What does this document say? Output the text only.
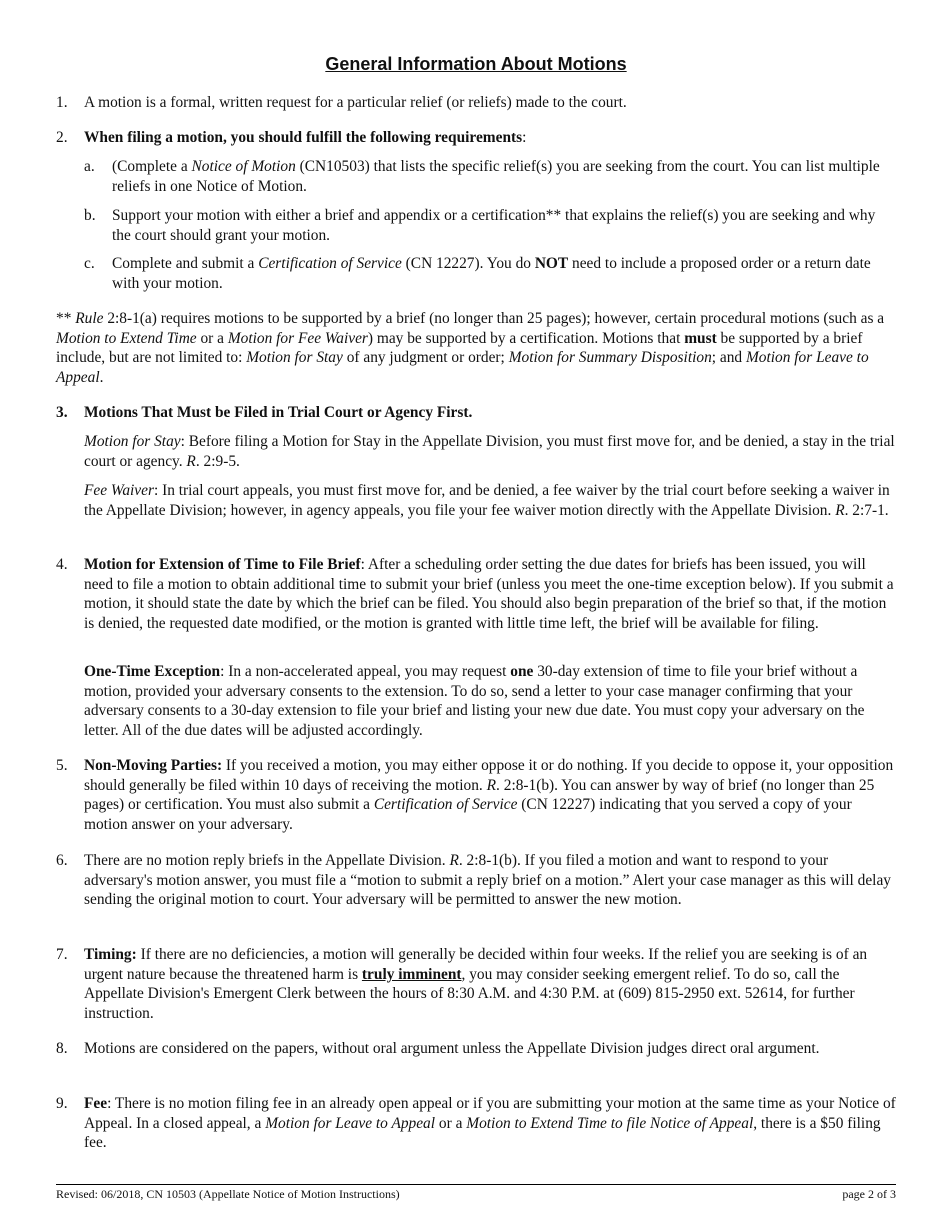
General Information About Motions
1. A motion is a formal, written request for a particular relief (or reliefs) made to the court.
2. When filing a motion, you should fulfill the following requirements:
a. (Complete a Notice of Motion (CN10503) that lists the specific relief(s) you are seeking from the court. You can list multiple reliefs in one Notice of Motion.
b. Support your motion with either a brief and appendix or a certification** that explains the relief(s) you are seeking and why the court should grant your motion.
c. Complete and submit a Certification of Service (CN 12227). You do NOT need to include a proposed order or a return date with your motion.
** Rule 2:8-1(a) requires motions to be supported by a brief (no longer than 25 pages); however, certain procedural motions (such as a Motion to Extend Time or a Motion for Fee Waiver) may be supported by a certification. Motions that must be supported by a brief include, but are not limited to: Motion for Stay of any judgment or order; Motion for Summary Disposition; and Motion for Leave to Appeal.
3. Motions That Must be Filed in Trial Court or Agency First.
Motion for Stay: Before filing a Motion for Stay in the Appellate Division, you must first move for, and be denied, a stay in the trial court or agency. R. 2:9-5.
Fee Waiver: In trial court appeals, you must first move for, and be denied, a fee waiver by the trial court before seeking a waiver in the Appellate Division; however, in agency appeals, you file your fee waiver motion directly with the Appellate Division. R. 2:7-1.
4. Motion for Extension of Time to File Brief: After a scheduling order setting the due dates for briefs has been issued, you will need to file a motion to obtain additional time to submit your brief (unless you meet the one-time exception below). If you submit a motion, it should state the date by which the brief can be filed. You should also begin preparation of the brief so that, if the motion is denied, the requested date modified, or the motion is granted with little time left, the brief will be available for filing.
One-Time Exception: In a non-accelerated appeal, you may request one 30-day extension of time to file your brief without a motion, provided your adversary consents to the extension. To do so, send a letter to your case manager confirming that your adversary consents to a 30-day extension to file your brief and listing your new due date. You must copy your adversary on the letter. All of the due dates will be adjusted accordingly.
5. Non-Moving Parties: If you received a motion, you may either oppose it or do nothing. If you decide to oppose it, your opposition should generally be filed within 10 days of receiving the motion. R. 2:8-1(b). You can answer by way of brief (no longer than 25 pages) or certification. You must also submit a Certification of Service (CN 12227) indicating that you served a copy of your motion answer on your adversary.
6. There are no motion reply briefs in the Appellate Division. R. 2:8-1(b). If you filed a motion and want to respond to your adversary's motion answer, you must file a “motion to submit a reply brief on a motion.” Alert your case manager as this will delay sending the original motion to court. Your adversary will be permitted to answer the new motion.
7. Timing: If there are no deficiencies, a motion will generally be decided within four weeks. If the relief you are seeking is of an urgent nature because the threatened harm is truly imminent, you may consider seeking emergent relief. To do so, call the Appellate Division's Emergent Clerk between the hours of 8:30 A.M. and 4:30 P.M. at (609) 815-2950 ext. 52614, for further instruction.
8. Motions are considered on the papers, without oral argument unless the Appellate Division judges direct oral argument.
9. Fee: There is no motion filing fee in an already open appeal or if you are submitting your motion at the same time as your Notice of Appeal. In a closed appeal, a Motion for Leave to Appeal or a Motion to Extend Time to file Notice of Appeal, there is a $50 filing fee.
Revised: 06/2018, CN 10503 (Appellate Notice of Motion Instructions)	page 2 of 3
